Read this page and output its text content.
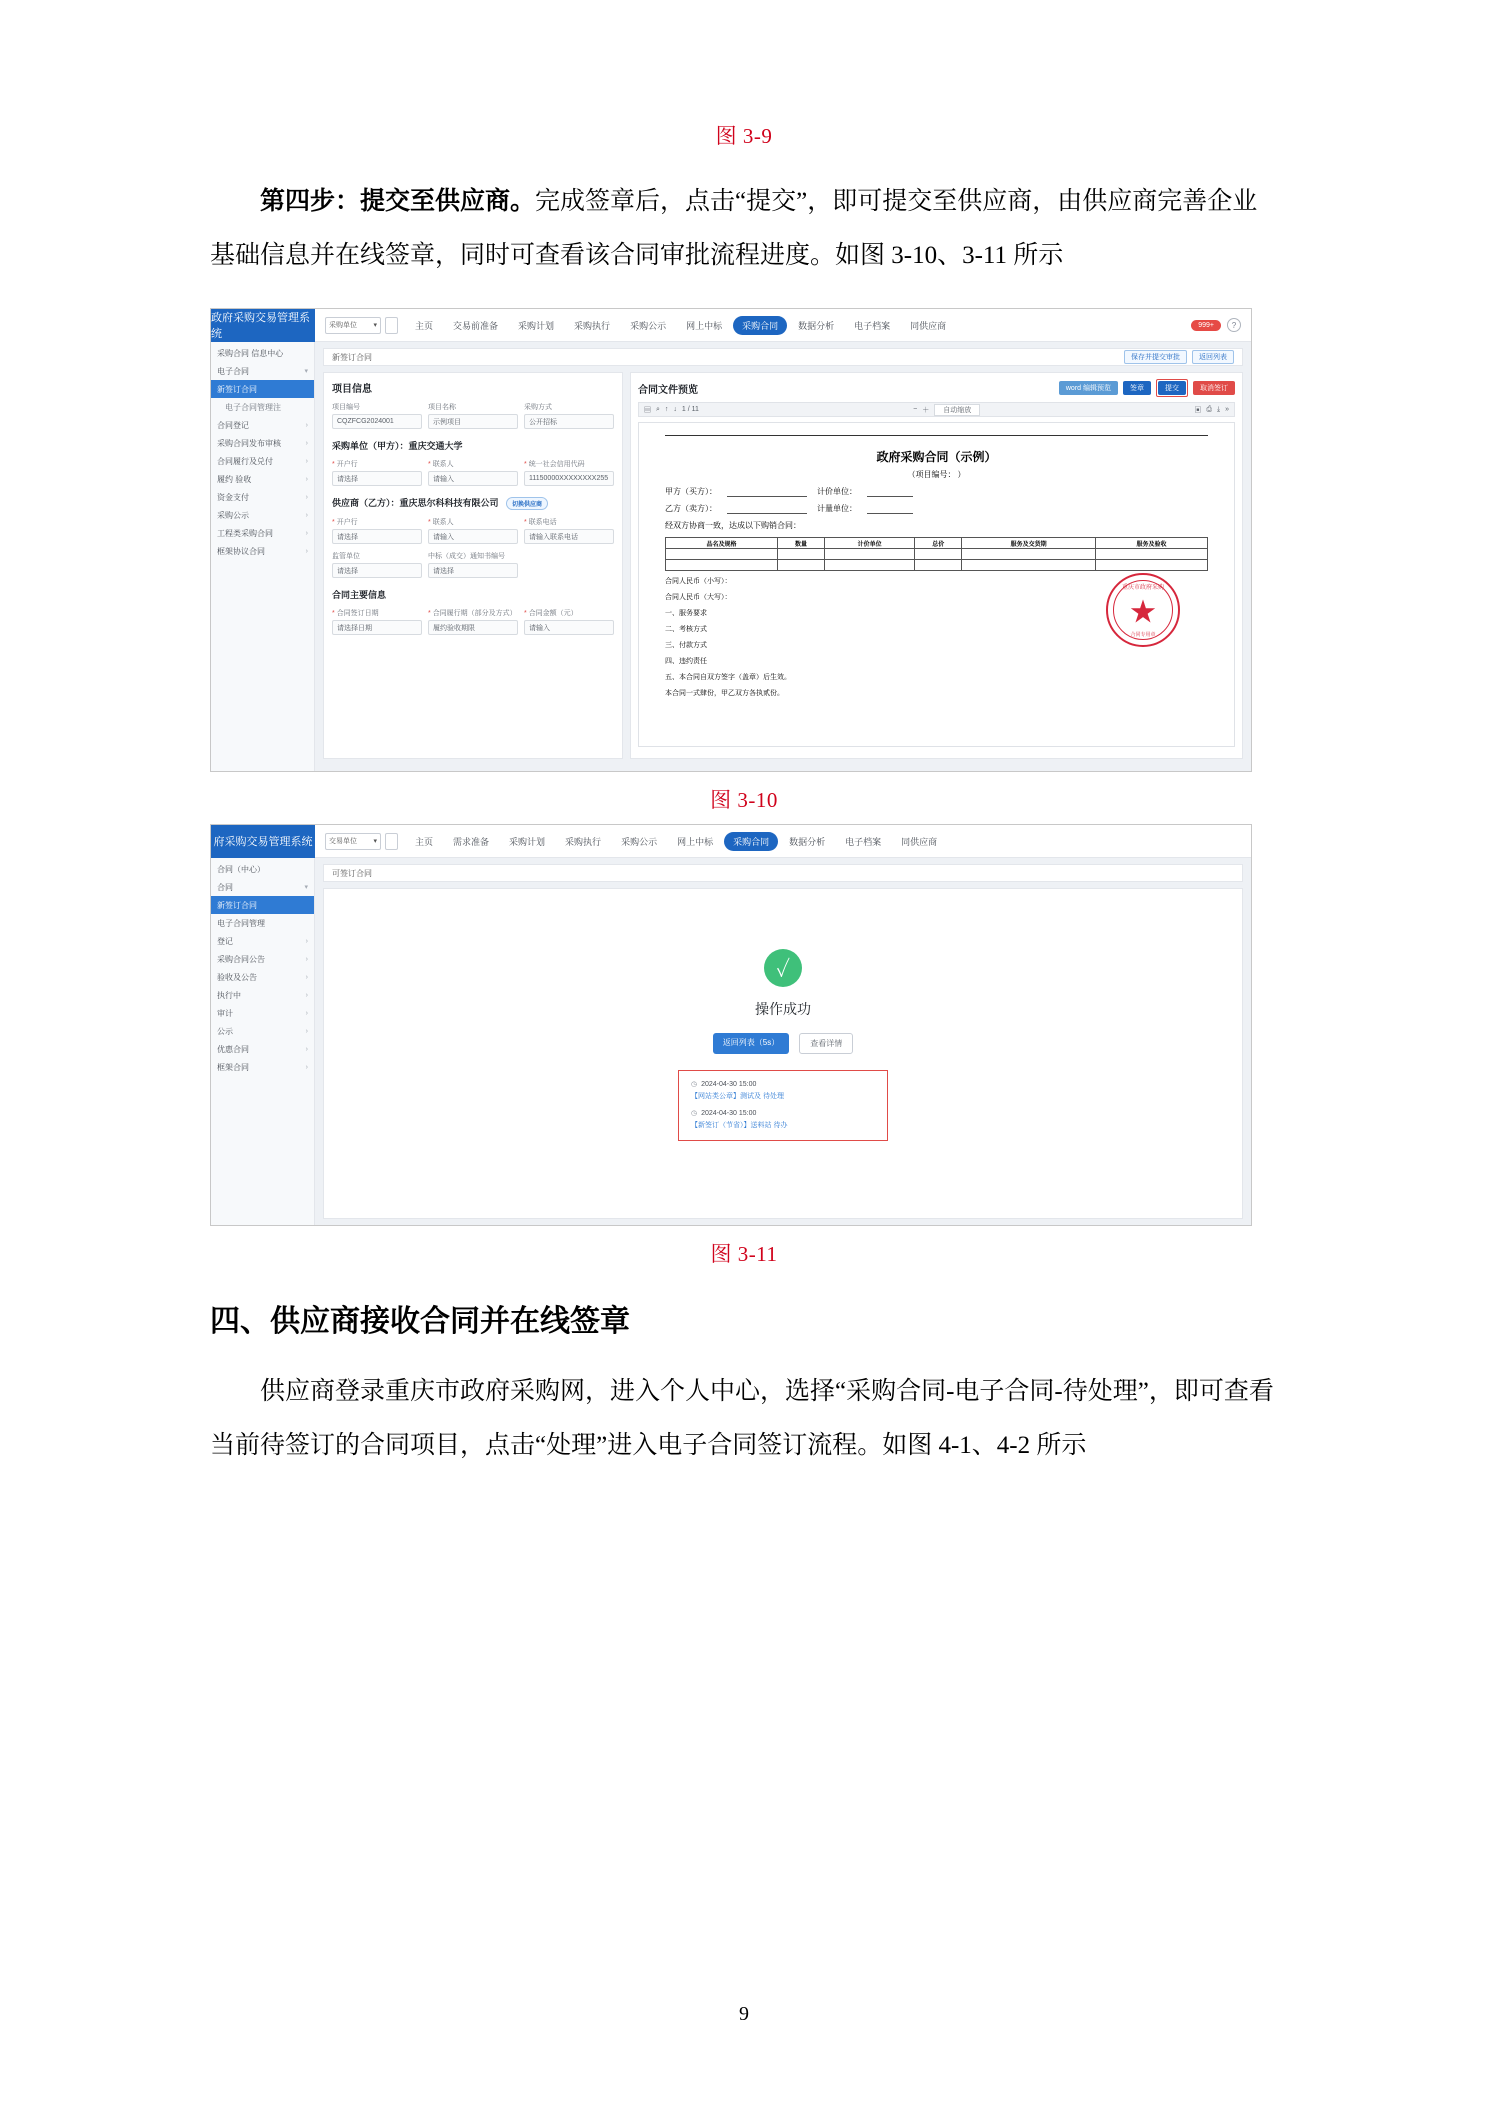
图 3-9

第四步：提交至供应商。完成签章后，点击“提交”，即可提交至供应商，由供应商完善企业基础信息并在线签章，同时可查看该合同审批流程进度。如图 3-10、3-11 所示

政府采购交易管理系统
采购单位 ▾	主页	交易前准备	采购计划	采购执行	采购公示	网上中标	采购合同	数据分析	电子档案	同供应商	999+	?
采购合同 信息中心
电子合同	▾
新签订合同
电子合同管理注
合同登记	›
采购合同发布审核	›
合同履行及兑付	›
履约 验收	›
资金支付	›
采购公示	›
工程类采购合同	›
框架协议合同	›
新签订合同	保存并提交审批	返回列表
项目信息
项目编号
CQZFCG2024001
项目名称
示例项目
采购方式
公开招标
采购单位（甲方）：重庆交通大学
* 开户行
请选择
* 联系人
请输入
* 统一社会信用代码
11150000XXXXXXXX255
供应商（乙方）：重庆思尔科科技有限公司 切换供应商
* 开户行
请选择
* 联系人
请输入
* 联系电话
请输入联系电话
监管单位
请选择
中标（成交）通知书编号
请选择
合同主要信息
* 合同签订日期
请选择日期
* 合同履行期（部分及方式）
履约验收期限
* 合同金额（元）
请输入
合同文件预览	word 编辑预览	签章	提交	取消签订
▤ ⌕ ↑ ↓ 1 / 11	− ＋	自动缩放	▣ ⎙ ⤓ »
政府采购合同（示例）
（项目编号： ）
甲方（买方）：	计价单位：
乙方（卖方）：	计量单位：
经双方协商一致，达成以下购销合同：
品名及规格	数量	计价单位	总价	服务及交货期	服务及验收

合同人民币（小写）：
合同人民币（大写）：
一、服务要求
二、考核方式
三、付款方式
四、违约责任
五、本合同自双方签字（盖章）后生效。
本合同一式肆份，甲乙双方各执贰份。
重庆市政府采购
★
合同专用章
图 3-10
府采购交易管理系统	交易单位 ▾	主页	需求准备	采购计划	采购执行	采购公示	网上中标	采购合同	数据分析	电子档案	同供应商
合同（中心）
合同	▾
新签订合同
电子合同管理
登记	›
采购合同公告	›
验收及公告	›
执行中	›
审计	›
公示	›
优惠合同	›
框架合同	›
可签订合同
✓
操作成功
返回列表（5s）	查看详情
◷ 2024-04-30 15:00
【网站类公章】测试及 待处理
◷ 2024-04-30 15:00
【新签订（节省）】送料站 待办
图 3-11
四、供应商接收合同并在线签章

供应商登录重庆市政府采购网，进入个人中心，选择“采购合同-电子合同-待处理”，即可查看当前待签订的合同项目，点击“处理”进入电子合同签订流程。如图 4-1、4-2 所示

9
